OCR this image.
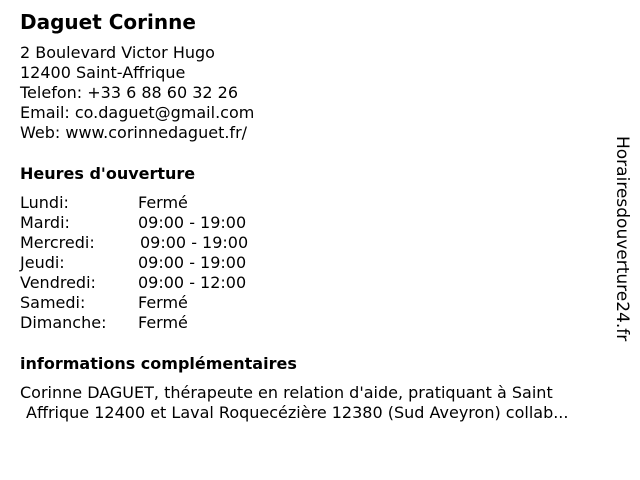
Daguet Corinne
2 Boulevard Victor Hugo
12400 Saint-Affrique
Telefon: +33 6 88 60 32 26
Email: co.daguet@gmail.com
Web: www.corinnedaguet.fr/
Heures d'ouverture
Lundi:	Fermé
Mardi:	09:00 - 19:00
Mercredi:	09:00 - 19:00
Jeudi:	09:00 - 19:00
Vendredi:	09:00 - 12:00
Samedi:	Fermé
Dimanche: Fermé
informations complémentaires
Corinne DAGUET, thérapeute en relation d'aide, pratiquant à Saint
Affrique 12400 et Laval Roquecézière 12380 (Sud Aveyron) collab...
Horairesdouverture24.fr
